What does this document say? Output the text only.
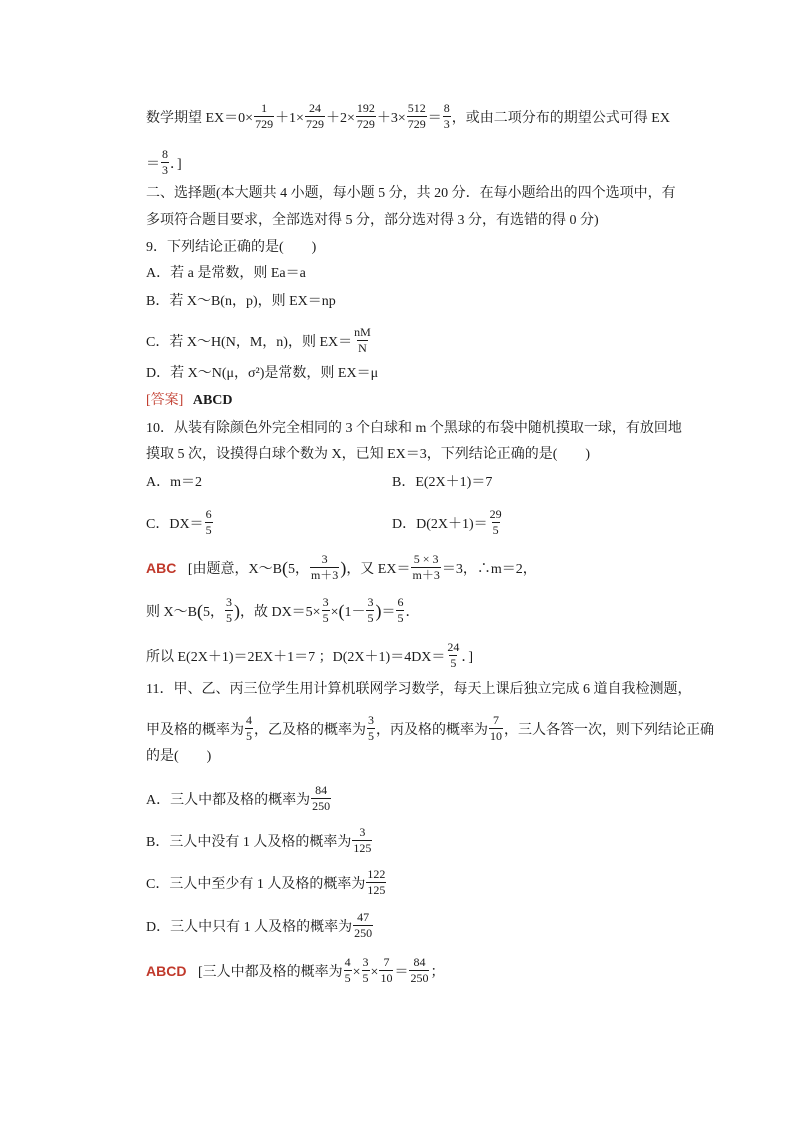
数学期望 $EX=0\times \frac{1}{729} +1\times \frac{24}{729} +2\times \frac{192}{729} +3\times \frac{512}{729} = \frac{8}{3}$ ，或由二项分布的期望公式可得 EX
＝ $\frac{8}{3}$ ．]
二、选择题(本大题共 4 小题，每小题 5 分，共 20 分．在每小题给出的四个选项中，有
多项符合题目要求，全部选对得 5 分，部分选对得 3 分，有选错的得 0 分)
9．下列结论正确的是(　　)
A．若 a 是常数，则 Ea＝a
B．若 X～B(n，p)，则 EX＝np
C．若 X～H(N，M，n)，则 $EX= \frac{nM}{N}$
D．若 X～N(μ，σ²)是常数，则 EX＝μ
[答案] ABCD
10．从装有除颜色外完全相同的 3 个白球和 m 个黑球的布袋中随机摸取一球，有放回地
摸取 5 次，设摸得白球个数为 X，已知 EX＝3，下列结论正确的是(　　)
A．m＝2	B．E(2X＋1)＝7
C．$DX= \frac{6}{5}$	D．$D(2X+1)= \frac{29}{5}$
ABC [由题意，X～B(5， $\frac{3}{m+3}$ )，又 $EX= \frac{5 \times 3}{m+3} =3$，∴m＝2，
则 X～B(5， $\frac{3}{5}$ )，故 $DX=5\times \frac{3}{5} \times(1- \frac{3}{5}$ )＝ $\frac{6}{5}$ ．
所以 E(2X＋1)＝2EX＋1＝7 ；$D(2X+1)=4DX= \frac{24}{5}$ ．]
11．甲、乙、丙三位学生用计算机联网学习数学，每天上课后独立完成 6 道自我检测题，
甲及格的概率为 $\frac{4}{5}$ ，乙及格的概率为 $\frac{3}{5}$ ，丙及格的概率为 $\frac{7}{10}$ ，三人各答一次，则下列结论正确
的是(　　)
A．三人中都及格的概率为 $\frac{84}{250}$
B．三人中没有 1 人及格的概率为 $\frac{3}{125}$
C．三人中至少有 1 人及格的概率为 $\frac{122}{125}$
D．三人中只有 1 人及格的概率为 $\frac{47}{250}$
ABCD [三人中都及格的概率为 $\frac{4}{5} \times \frac{3}{5} \times \frac{7}{10} = \frac{84}{250}$ ；
